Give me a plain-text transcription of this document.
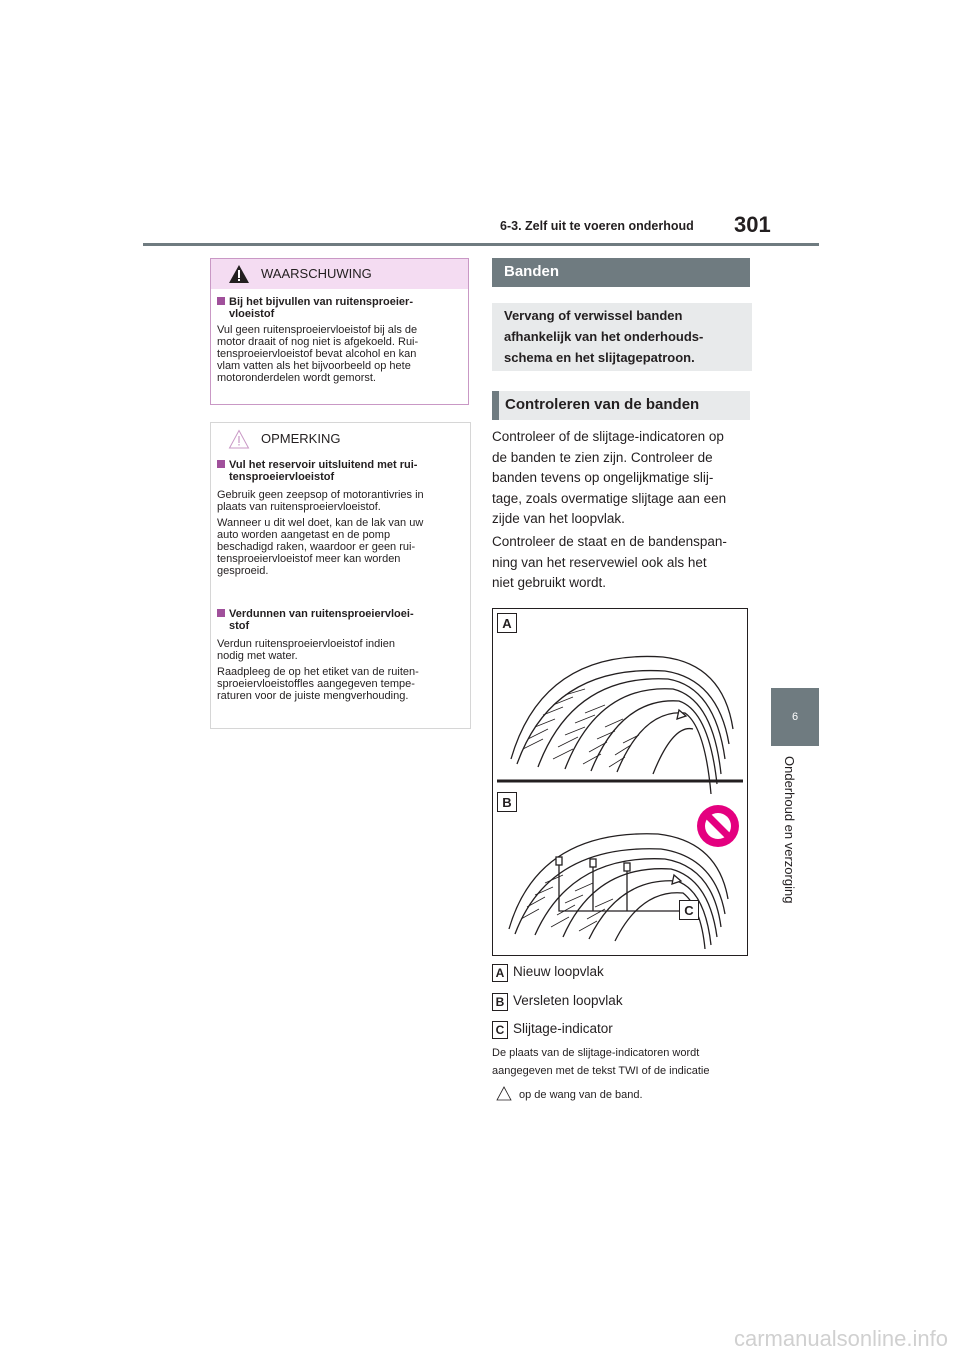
6-3. Zelf uit te voeren onderhoud 301
6
Onderhoud en verzorging
WAARSCHUWING
Bij het bijvullen van ruitensproeier-
vloeistof

Vul geen ruitensproeiervloeistof bij als de
motor draait of nog niet is afgekoeld. Rui-
tensproeiervloeistof bevat alcohol en kan
vlam vatten als het bijvoorbeeld op hete
motoronderdelen wordt gemorst.

OPMERKING
Vul het reservoir uitsluitend met rui-
tensproeiervloeistof

Gebruik geen zeepsop of motorantivries in
plaats van ruitensproeiervloeistof.

Wanneer u dit wel doet, kan de lak van uw
auto worden aangetast en de pomp
beschadigd raken, waardoor er geen rui-
tensproeiervloeistof meer kan worden
gesproeid.

Verdunnen van ruitensproeiervloei-
stof

Verdun ruitensproeiervloeistof indien
nodig met water.

Raadpleeg de op het etiket van de ruiten-
sproeiervloeistoffles aangegeven tempe-
raturen voor de juiste mengverhouding.

Banden
Vervang of verwissel banden
afhankelijk van het onderhouds-
schema en het slijtagepatroon.
Controleren van de banden
Controleer of de slijtage-indicatoren op
de banden te zien zijn. Controleer de
banden tevens op ongelijkmatige slij-
tage, zoals overmatige slijtage aan een
zijde van het loopvlak.
Controleer de staat en de bandenspan-
ning van het reservewiel ook als het
niet gebruikt wordt.
A
B
C
A Nieuw loopvlak
B Versleten loopvlak
C Slijtage-indicator
De plaats van de slijtage-indicatoren wordt
aangegeven met de tekst TWI of de indicatie
op de wang van de band.
carmanualsonline.info
